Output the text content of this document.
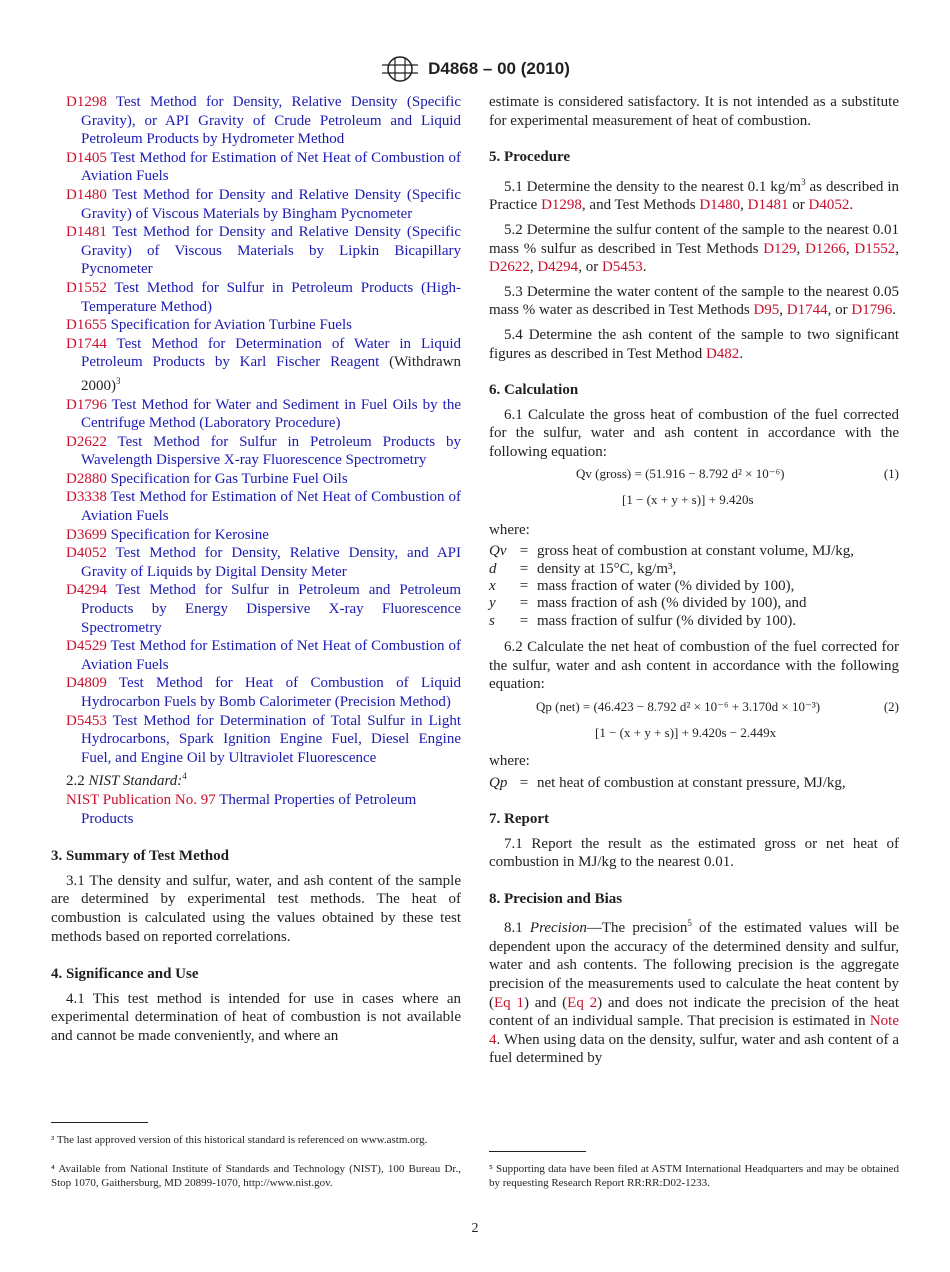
D4868 – 00 (2010)

D1298 Test Method for Density, Relative Density (Specific Gravity), or API Gravity of Crude Petroleum and Liquid Petroleum Products by Hydrometer Method

D1405 Test Method for Estimation of Net Heat of Combustion of Aviation Fuels

D1480 Test Method for Density and Relative Density (Specific Gravity) of Viscous Materials by Bingham Pycnometer

D1481 Test Method for Density and Relative Density (Specific Gravity) of Viscous Materials by Lipkin Bicapillary Pycnometer

D1552 Test Method for Sulfur in Petroleum Products (High-Temperature Method)

D1655 Specification for Aviation Turbine Fuels

D1744 Test Method for Determination of Water in Liquid Petroleum Products by Karl Fischer Reagent (Withdrawn 2000)$^3$

D1796 Test Method for Water and Sediment in Fuel Oils by the Centrifuge Method (Laboratory Procedure)

D2622 Test Method for Sulfur in Petroleum Products by Wavelength Dispersive X-ray Fluorescence Spectrometry

D2880 Specification for Gas Turbine Fuel Oils

D3338 Test Method for Estimation of Net Heat of Combustion of Aviation Fuels

D3699 Specification for Kerosine

D4052 Test Method for Density, Relative Density, and API Gravity of Liquids by Digital Density Meter

D4294 Test Method for Sulfur in Petroleum and Petroleum Products by Energy Dispersive X-ray Fluorescence Spectrometry

D4529 Test Method for Estimation of Net Heat of Combustion of Aviation Fuels

D4809 Test Method for Heat of Combustion of Liquid Hydrocarbon Fuels by Bomb Calorimeter (Precision Method)

D5453 Test Method for Determination of Total Sulfur in Light Hydrocarbons, Spark Ignition Engine Fuel, Diesel Engine Fuel, and Engine Oil by Ultraviolet Fluorescence

2.2 NIST Standard:$^4$

NIST Publication No. 97 Thermal Properties of Petroleum Products

3. Summary of Test Method

3.1 The density and sulfur, water, and ash content of the sample are determined by experimental test methods. The heat of combustion is calculated using the values obtained by these test methods based on reported correlations.

4. Significance and Use

4.1 This test method is intended for use in cases where an experimental determination of heat of combustion is not available and cannot be made conveniently, and where an

³ The last approved version of this historical standard is referenced on www.astm.org.
⁴ Available from National Institute of Standards and Technology (NIST), 100 Bureau Dr., Stop 1070, Gaithersburg, MD 20899-1070, http://www.nist.gov.

estimate is considered satisfactory. It is not intended as a substitute for experimental measurement of heat of combustion.

5. Procedure

5.1 Determine the density to the nearest 0.1 $kg/m^3$ as described in Practice D1298, and Test Methods D1480, D1481 or D4052.

5.2 Determine the sulfur content of the sample to the nearest 0.01 mass % sulfur as described in Test Methods D129, D1266, D1552, D2622, D4294, or D5453.

5.3 Determine the water content of the sample to the nearest 0.05 mass % water as described in Test Methods D95, D1744, or D1796.

5.4 Determine the ash content of the sample to two significant figures as described in Test Method D482.

6. Calculation

6.1 Calculate the gross heat of combustion of the fuel corrected for the sulfur, water and ash content in accordance with the following equation:

Qv (gross) = (51.916 − 8.792 d² × 10⁻⁶)	(1)
[1 − (x + y + s)] + 9.420s

where:

Qv	=	gross heat of combustion at constant volume, MJ/kg,
d	=	density at 15°C, kg/m³,
x	=	mass fraction of water (% divided by 100),
y	=	mass fraction of ash (% divided by 100), and
s	=	mass fraction of sulfur (% divided by 100).

6.2 Calculate the net heat of combustion of the fuel corrected for the sulfur, water and ash content in accordance with the following equation:

Qp (net) = (46.423 − 8.792 d² × 10⁻⁶ + 3.170d × 10⁻³)	(2)
[1 − (x + y + s)] + 9.420s − 2.449x

where:

Qp	=	net heat of combustion at constant pressure, MJ/kg,
7. Report

7.1 Report the result as the estimated gross or net heat of combustion in MJ/kg to the nearest 0.01.

8. Precision and Bias

8.1 Precision—The precision$^5$ of the estimated values will be dependent upon the accuracy of the determined density and sulfur, water and ash contents. The following precision is the aggregate precision of the measurements used to calculate the heat content by (Eq 1) and (Eq 2) and does not indicate the precision of the heat content of an individual sample. That precision is estimated in Note 4. When using data on the density, sulfur, water and ash content of a fuel determined by

⁵ Supporting data have been filed at ASTM International Headquarters and may be obtained by requesting Research Report RR:RR:D02-1233.
2
